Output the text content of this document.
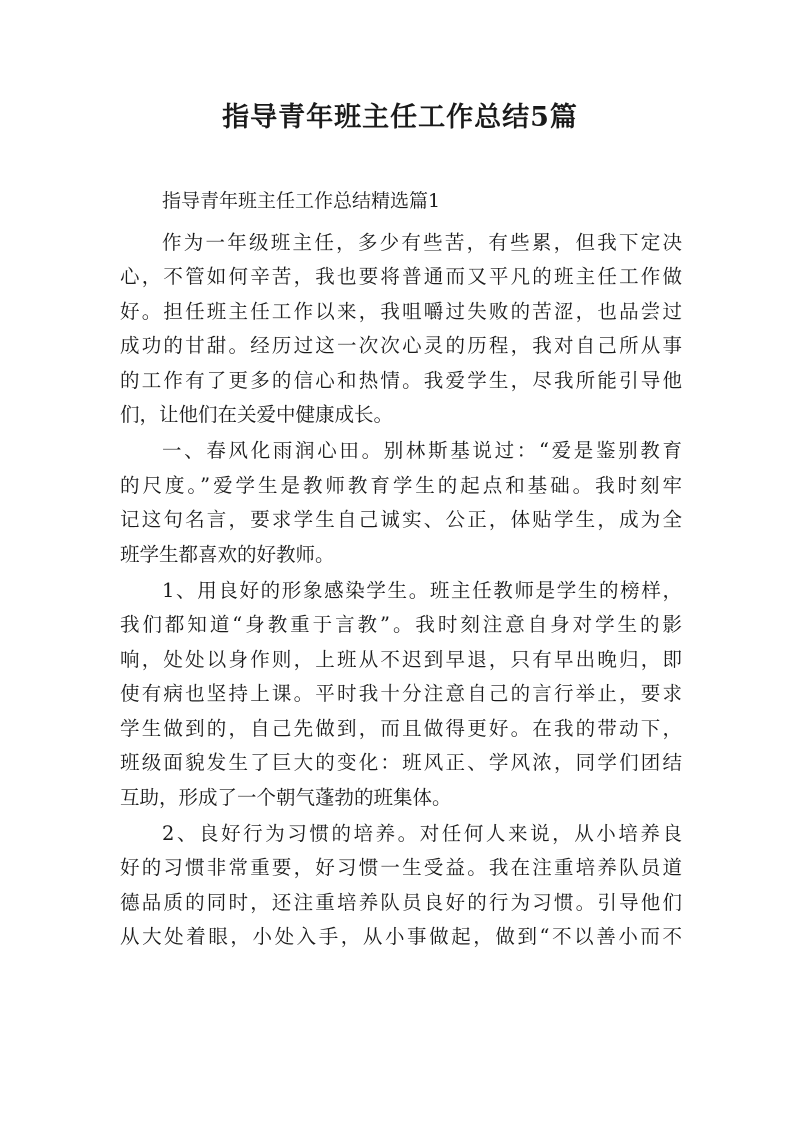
指导青年班主任工作总结5篇
指导青年班主任工作总结精选篇1
作为一年级班主任，多少有些苦，有些累，但我下定决
心，不管如何辛苦，我也要将普通而又平凡的班主任工作做
好。担任班主任工作以来，我咀嚼过失败的苦涩，也品尝过
成功的甘甜。经历过这一次次心灵的历程，我对自己所从事
的工作有了更多的信心和热情。我爱学生，尽我所能引导他
们，让他们在关爱中健康成长。
一、春风化雨润心田。别林斯基说过：“爱是鉴别教育
的尺度。”爱学生是教师教育学生的起点和基础。我时刻牢
记这句名言，要求学生自己诚实、公正，体贴学生，成为全
班学生都喜欢的好教师。
1、用良好的形象感染学生。班主任教师是学生的榜样，
我们都知道“身教重于言教”。我时刻注意自身对学生的影
响，处处以身作则，上班从不迟到早退，只有早出晚归，即
使有病也坚持上课。平时我十分注意自己的言行举止，要求
学生做到的，自己先做到，而且做得更好。在我的带动下，
班级面貌发生了巨大的变化：班风正、学风浓，同学们团结
互助，形成了一个朝气蓬勃的班集体。
2、良好行为习惯的培养。对任何人来说，从小培养良
好的习惯非常重要，好习惯一生受益。我在注重培养队员道
德品质的同时，还注重培养队员良好的行为习惯。引导他们
从大处着眼，小处入手，从小事做起，做到“不以善小而不
